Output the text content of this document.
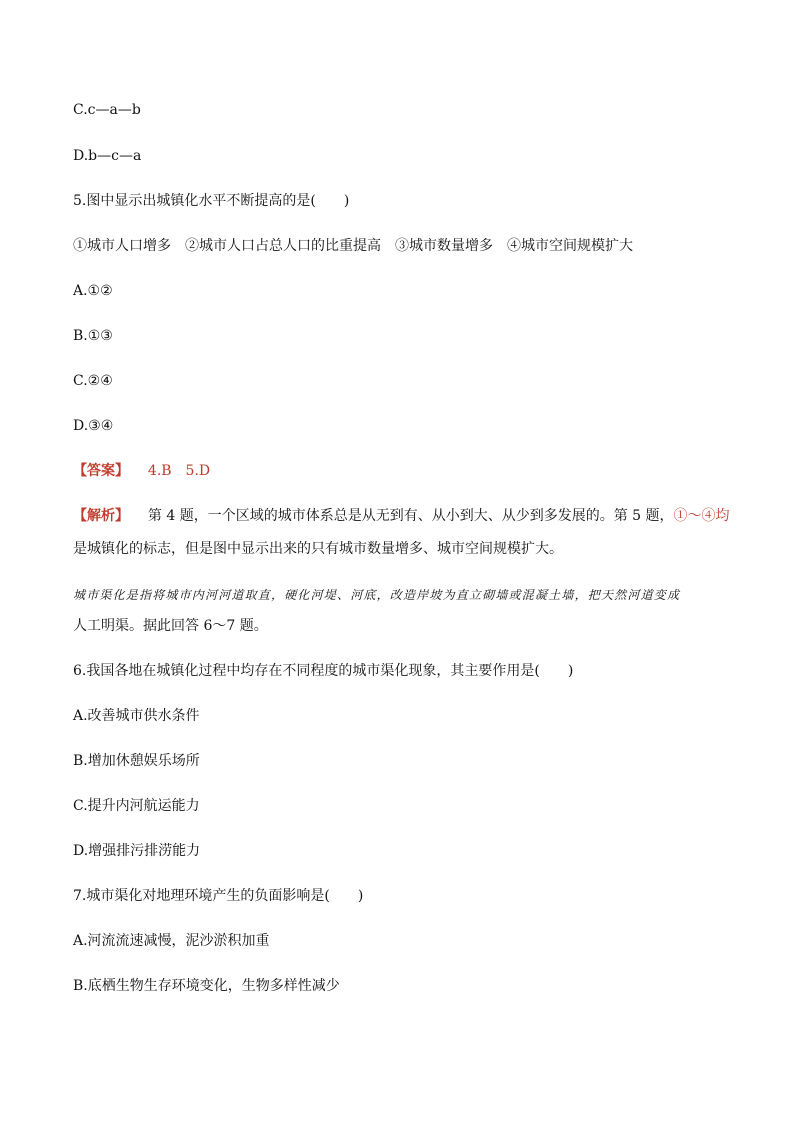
C.c—a—b
D.b—c—a
5.图中显示出城镇化水平不断提高的是(　　)
①城市人口增多　②城市人口占总人口的比重提高　③城市数量增多　④城市空间规模扩大
A.①②
B.①③
C.②④
D.③④
【答案】 4.B　5.D
【解析】 第 4 题，一个区域的城市体系总是从无到有、从小到大、从少到多发展的。第 5 题，①～④均
是城镇化的标志，但是图中显示出来的只有城市数量增多、城市空间规模扩大。
城市渠化是指将城市内河河道取直，硬化河堤、河底，改造岸坡为直立砌墙或混凝土墙，把天然河道变成
人工明渠。据此回答 6～7 题。
6.我国各地在城镇化过程中均存在不同程度的城市渠化现象，其主要作用是(　　)
A.改善城市供水条件
B.增加休憩娱乐场所
C.提升内河航运能力
D.增强排污排涝能力
7.城市渠化对地理环境产生的负面影响是(　　)
A.河流流速减慢，泥沙淤积加重
B.底栖生物生存环境变化，生物多样性减少
